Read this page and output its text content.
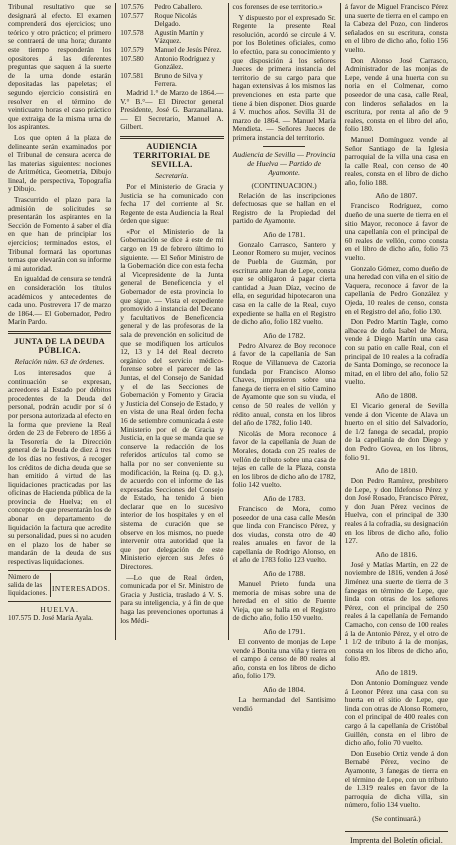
Tribunal resultativo que se designará al efecto. El examen comprenderá dos ejercicios; uno teórico y otro práctico; el primero se contraerá de una hora; durante este tiempo responderán los opositores á las diferentes preguntas que saquen á la suerte de la urna donde estarán depositadas las papeletas; el segundo ejercicio consistirá en resolver en el término de veinticuatro horas el caso práctico que extraiga de la misma urna de los aspirantes.

Los que opten á la plaza de delineante serán examinados por el Tribunal de censura acerca de las materias siguientes: nociones de Aritmética, Geometría, Dibujo lineal, de perspectiva, Topografía y Dibujo.

Trascurrido el plazo para la admisión de solicitudes se presentarán los aspirantes en la Sección de Fomento á saber el día en que han de principiar los ejercicios; terminados estos, el Tribunal formará las oportunas ternas que elevarán con su informe á mi autoridad.

En igualdad de censura se tendrá en consideración los títulos académicos y antecedentes de cada uno. Postrevera 17 de marzo de 1864.— El Gobernador, Pedro Marín Pardo.

JUNTA DE LA DEUDA PÚBLICA.
Relación núm. 63 de órdenes.

Los interesados que á continuación se expresan, acreedores al Estado por débitos procedentes de la Deuda del personal, podrán acudir por sí ó por persona autorizada al efecto en la forma que previene la Real órden de 23 de Febrero de 1856 á la Tesorería de la Dirección general de la Deuda de diez á tres de los días no festivos, á recoger los créditos de dicha deuda que se han emitido á virtud de las liquidaciones practicadas por las oficinas de Hacienda pública de la provincia de Huelva; en el concepto de que presentarán los de abonar en departamento de liquidación la factura que acredite su personalidad, pues si no acuden en el plazo los de haber se mandarán de la deuda de sus respectivas liquidaciones.

Número de salida de las liquidaciones. INTERESADOS.
HUELVA.
107.575 D. José María Ayala.
107.576	Pedro Caballero.
107.577	Roque Nicolás Delgado.
107.578	Agustín Martín y Vázquez.
107.579	Manuel de Jesús Pérez.
107.580	Antonio Rodríguez y González.
107.581	Bruno de Silva y Ferrera.

Madrid 1.° de Marzo de 1864.— V.° B.°— El Director general Presidente, José G. Barzanallana.— El Secretario, Manuel A. Gilbert.

AUDIENCIA TERRITORIAL DE SEVILLA.
Secretaría.

Por el Ministerio de Gracia y Justicia se ha comunicado con fecha 17 del corriente al Sr. Regente de esta Audiencia la Real órden que sigue:

«Por el Ministerio de la Gobernación se dice á este de mi cargo en 19 de febrero último lo siguiente. — El Señor Ministro de la Gobernación dice con esta fecha al Vicepresidente de la Junta general de Beneficencia y el Gobernador de esta provincia lo que sigue. — Vista el expediente promovido á instancia del Decano y facultativos de Beneficencia general y de las profesoras de la sala de prevención en solicitud de que se modifiquen los artículos 12, 13 y 14 del Real decreto orgánico del servicio médico-forense sobre el parecer de las Juntas, el del Consejo de Sanidad y el de las Secciones de Gobernación y Fomento y Gracia y Justicia del Consejo de Estado, y en vista de una Real órden fecha 16 de setiembre comunicada á este Ministerio por el de Gracia y Justicia, en la que se manda que se conserve la redacción de los referidos artículos tal como se halla por no ser conveniente su modificación, la Reina (q. D. g.), de acuerdo con el informe de las expresadas Secciones del Consejo de Estado, ha tenido á bien declarar que en lo sucesivo interior de los hospitales y en el sistema de curación que se observe en los mismos, no puede intervenir otra autoridad que la que por delegación de este Ministerio ejercen sus Jefes ó Directores.

—Lo que de Real órden, comunicada por el Sr. Ministro de Gracia y Justicia, traslado á V. S. para su inteligencia, y á fin de que haga las prevenciones oportunas á los Médi-

cos forenses de ese territorio.»

Y dispuesto por el expresado Sr. Regente la presente Real resolución, acordó se circule á V. por los Boletines oficiales, como lo efectúo, para su conocimiento y que disposición á los señores Jueces de primera instancia del territorio de su cargo para que hagan extensivas á los mismos las prevenciones en esta parte que tiene á bien disponer. Dios guarde á V. muchos años. Sevilla 31 de marzo de 1864. — Manuel María Mendieta. — Señores Jueces de primera instancia del territorio.

Audiencia de Sevilla — Provincia de Huelva — Partido de Ayamonte.
(CONTINUACION.)

Relación de las inscripciones defectuosas que se hallan en el Registro de la Propiedad del partido de Ayamonte.

Año de 1781.

Gonzalo Carrasco, Santero y Leonor Romero su mujer, vecinos de Puebla de Guzmán, por escritura ante Juan de Lepe, consta que se obligaron á pagar cierta cantidad a Juan Díaz, vecino de ella, en seguridad hipotecaron una casa en la calle de la Real, cuyo expediente se halla en el Registro de dicho año, folio 182 vuelto.

Año de 1782.

Pedro Alvarez de Boy reconoce á favor de la capellanía de San Roque de Villanueva de Cazoria fundada por Francisco Alonso Chaves, impusieron sobre una fanega de tierra en el sitio Camino de Ayamonte que son su viuda, el censo de 50 reales de vellón y rédito anual, consta en los libros del año de 1782, folio 140.

Nicolás de Mora reconoce á favor de la capellanía de Juan de Morales, dotada con 25 reales de vellón de tributo sobre una casa de tejas en calle de la Plaza, consta en los libros de dicho año de 1782, folio 142 vuelto.

Año de 1783.

Francisco de Mora, como poseedor de una casa calle Mesón que linda con Francisco Pérez, y dos viudas, consta otro de 40 reales anuales en favor de la capellanía de Rodrigo Alonso, en el año de 1783 folio 123 vuelto.

Año de 1788.

Manuel Prieto funda una memoria de misas sobre una de heredad en el sitio de Fuente Vieja, que se halla en el Registro de dicho año, folio 150 vuelto.

Año de 1791.

El convento de monjas de Lepe vende á Bonita una viña y tierra en el campo á censo de 80 reales al año, consta en los libros de dicho año, folio 179.

Año de 1804.

La hermandad del Santísimo vendió

á favor de Miguel Francisco Pérez una suerte de tierra en el campo en la Cabeza del Pozo, con linderos señalados en su escritura, consta en el libro de dicho año, folio 156 vuelto.

Don Alonso José Carrasco, Administrador de las monjas de Lepe, vende á una huerta con su noria en el Colmenar, como poseedor de una casa, calle Real, con linderos señalados en la escritura, por renta al año de 9 reales, consta en el libro del año, folio 180.

Manuel Domínguez vende al Señor Santiago de la Iglesia parroquial de la villa una casa en la calle Real, con censo de 40 reales, consta en el libro de dicho año, folio 188.

Año de 1807.

Francisco Rodríguez, como dueño de una suerte de tierra en el sitio Mayor, reconoce á favor de una capellanía con el principal de 60 reales de vellón, como consta en el libro de dicho año, folio 73 vuelto.

Gonzalo Gómez, como dueño de una heredad con viña en el sitio de Vaquera, reconoce á favor de la capellanía de Pedro González y Ojeda, 10 reales de censo, consta en el Registro del año, folio 130.

Don Pedro Martín Tagle, como albacea de doña Isabel de Mora, vende á Diego Martín una casa con su patio en calle Real, con el principal de 10 reales a la cofradía de Santa Domingo, se reconoce la mitad, en el libro del año, folio 52 vuelto.

Año de 1808.

El Vicario general de Sevilla vende á don Vicente de Alava un huerto en el sitio del Salvadorío, de 1/2 fanega de secadal, propio de la capellanía de don Diego y don Pedro Govea, en los libros, folio 91.

Año de 1810.

Don Pedro Ramírez, presbítero de Lepe, y don Ildefonso Pérez y don José Rosado, Francisco Pérez, y don Juan Pérez vecinos de Huelva, con el principal de 330 reales á la cofradía, su designación en los libros de dicho año, folio 127.

Año de 1816.

José y Matías Martín, en 22 de noviembre de 1816, venden á José Jiménez una suerte de tierra de 3 fanegas en término de Lepe, que linda con otras de los señores Pérez, con el principal de 250 reales á la capellanía de Fernando Camacho, con censo de 100 reales á la de Antonio Pérez, y el otro de 1 1/2 de tributo á la de monjas, consta en los libros de dicho año, folio 89.

Año de 1819.

Don Antonio Domínguez vende á Leonor Pérez una casa con su huerta en el sitio de Lepe, que linda con otras de Alonso Romero, con el principal de 400 reales con cargo á la capellanía de Cristóbal Guillén, consta en el libro de dicho año, folio 70 vuelto.

Don Eusebio Ortiz vende á don Bernabé Pérez, vecino de Ayamonte, 3 fanegas de tierra en el término de Lepe, con un tributo de 1.319 reales en favor de la parroquia de dicha villa, sin número, folio 134 vuelto.

(Se continuará.)
Imprenta del Boletín oficial.
